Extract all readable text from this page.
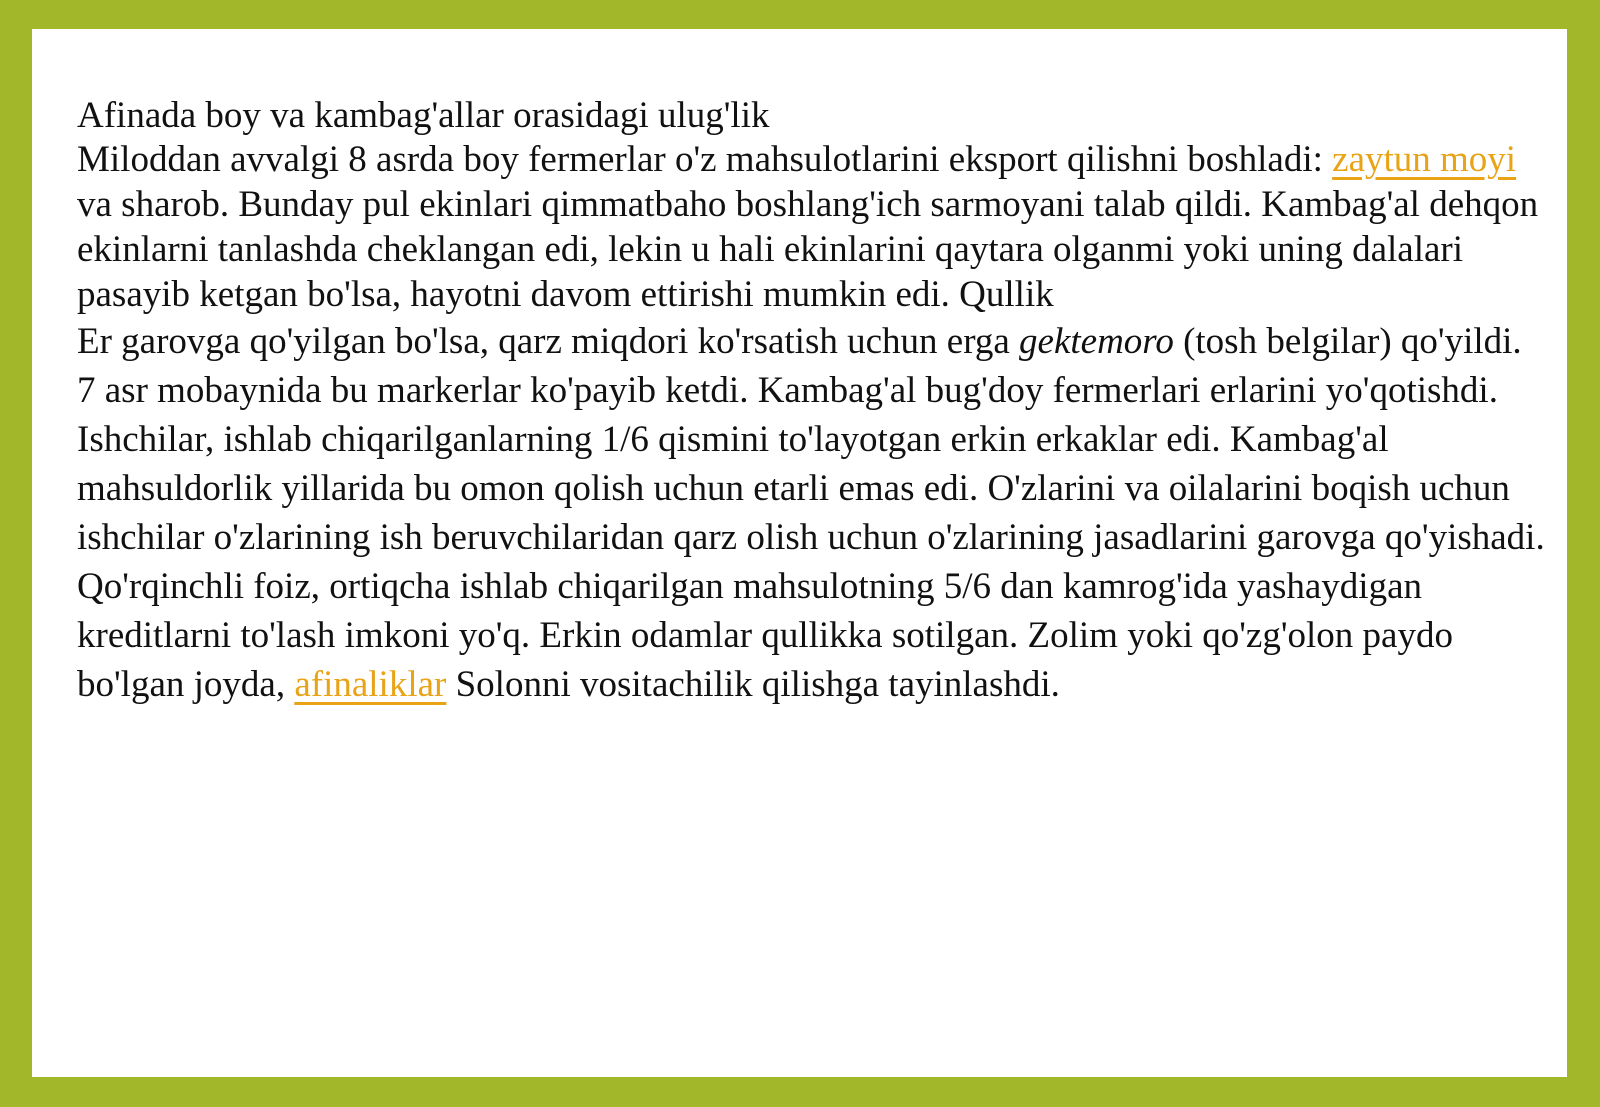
Afinada boy va kambag'allar orasidagi ulug'lik

Miloddan avvalgi 8 asrda boy fermerlar o'z mahsulotlarini eksport qilishni boshladi: zaytun moyi va sharob. Bunday pul ekinlari qimmatbaho boshlang'ich sarmoyani talab qildi. Kambag'al dehqon ekinlarni tanlashda cheklangan edi, lekin u hali ekinlarini qaytara olganmi yoki uning dalalari pasayib ketgan bo'lsa, hayotni davom ettirishi mumkin edi. Qullik

Er garovga qo'yilgan bo'lsa, qarz miqdori ko'rsatish uchun erga gektemoro (tosh belgilar) qo'yildi.

7 asr mobaynida bu markerlar ko'payib ketdi. Kambag'al bug'doy fermerlari erlarini yo'qotishdi. Ishchilar, ishlab chiqarilganlarning 1/6 qismini to'layotgan erkin erkaklar edi. Kambag'al mahsuldorlik yillarida bu omon qolish uchun etarli emas edi. O'zlarini va oilalarini boqish uchun ishchilar o'zlarining ish beruvchilaridan qarz olish uchun o'zlarining jasadlarini garovga qo'yishadi.

Qo'rqinchli foiz, ortiqcha ishlab chiqarilgan mahsulotning 5/6 dan kamrog'ida yashaydigan kreditlarni to'lash imkoni yo'q. Erkin odamlar qullikka sotilgan. Zolim yoki qo'zg'olon paydo bo'lgan joyda, afinaliklar Solonni vositachilik qilishga tayinlashdi.
